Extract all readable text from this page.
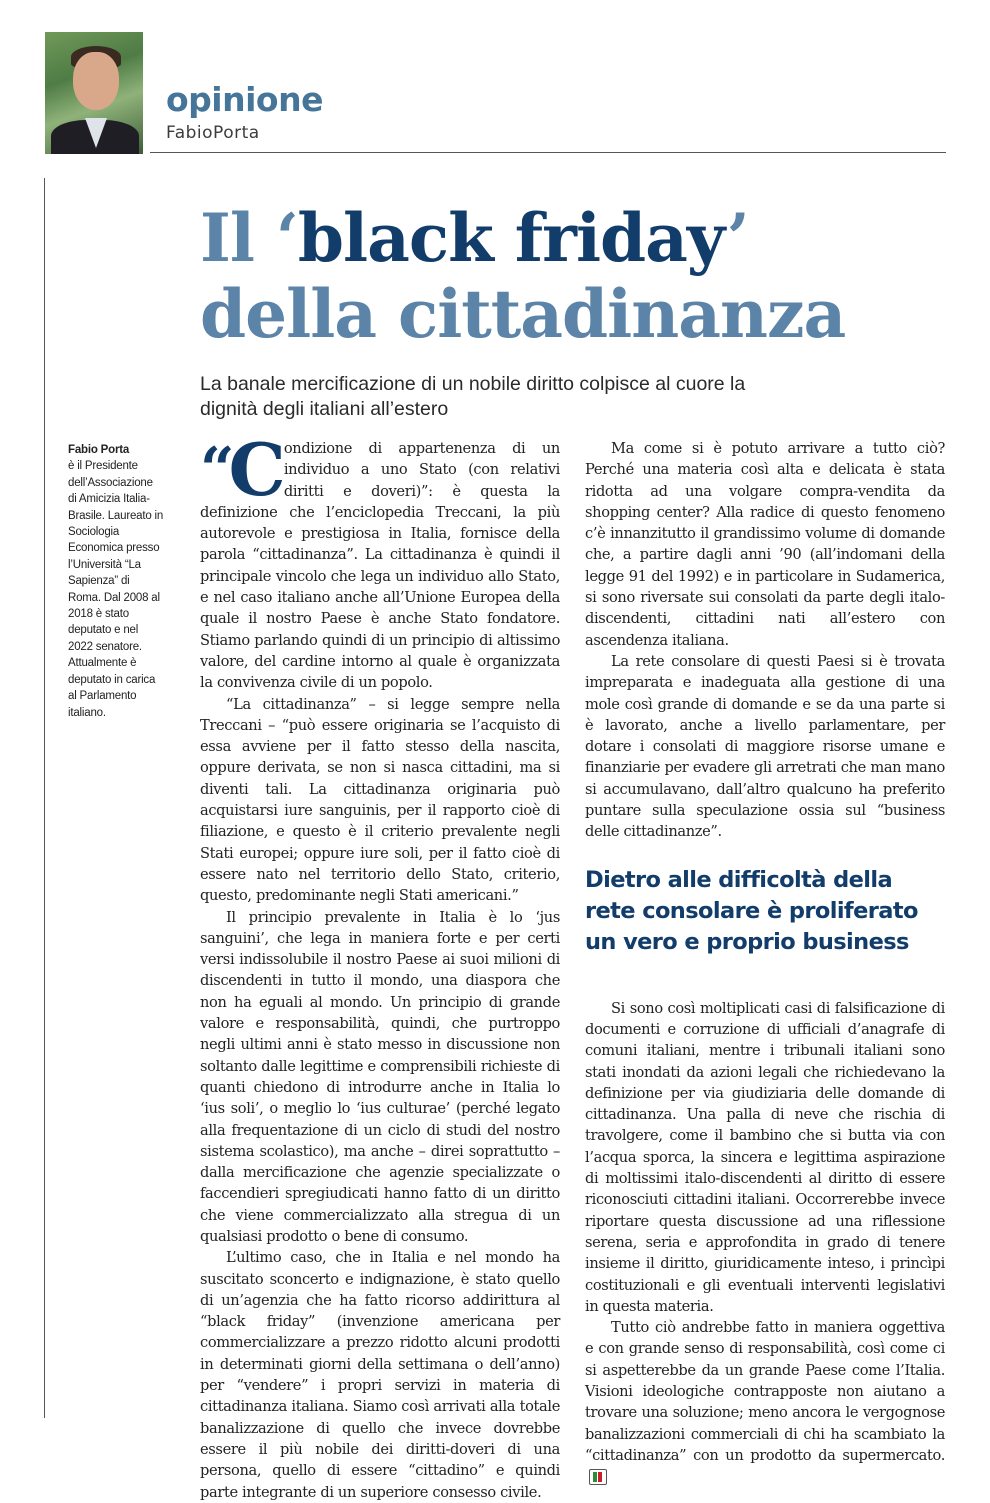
opinione
FabioPorta
Il ‘black friday’
della cittadinanza

La banale mercificazione di un nobile diritto colpisce al cuore la dignità degli italiani all’estero

Fabio Porta
è il Presidente dell’Associazione di Amicizia Italia-Brasile. Laureato in Sociologia Economica presso l’Università “La Sapienza” di Roma. Dal 2008 al 2018 è stato deputato e nel 2022 senatore. Attualmente è deputato in carica al Parlamento italiano.

“C ondizione di appartenenza di un individuo a uno Stato (con relativi diritti e doveri)”: è questa la definizione che l’enciclopedia Treccani, la più autorevole e prestigiosa in Italia, fornisce della parola “cittadinanza”. La cittadinanza è quindi il principale vincolo che lega un individuo allo Stato, e nel caso italiano anche all’Unione Europea della quale il nostro Paese è anche Stato fondatore. Stiamo parlando quindi di un principio di altissimo valore, del cardine intorno al quale è organizzata la convivenza civile di un popolo.

“La cittadinanza” – si legge sempre nella Treccani – “può essere originaria se l’acquisto di essa avviene per il fatto stesso della nascita, oppure derivata, se non si nasca cittadini, ma si diventi tali. La cittadinanza originaria può acquistarsi iure sanguinis, per il rapporto cioè di filiazione, e questo è il criterio prevalente negli Stati europei; oppure iure soli, per il fatto cioè di essere nato nel territorio dello Stato, criterio, questo, predominante negli Stati americani.”

Il principio prevalente in Italia è lo ‘jus sanguini’, che lega in maniera forte e per certi versi indissolubile il nostro Paese ai suoi milioni di discendenti in tutto il mondo, una diaspora che non ha eguali al mondo. Un principio di grande valore e responsabilità, quindi, che purtroppo negli ultimi anni è stato messo in discussione non soltanto dalle legittime e comprensibili richieste di quanti chiedono di introdurre anche in Italia lo ‘ius soli’, o meglio lo ‘ius culturae’ (perché legato alla frequentazione di un ciclo di studi del nostro sistema scolastico), ma anche – direi soprattutto – dalla mercificazione che agenzie specializzate o faccendieri spregiudicati hanno fatto di un diritto che viene commercializzato alla stregua di un qualsiasi prodotto o bene di consumo.

L’ultimo caso, che in Italia e nel mondo ha suscitato sconcerto e indignazione, è stato quello di un’agenzia che ha fatto ricorso addirittura al “black friday” (invenzione americana per commercializzare a prezzo ridotto alcuni prodotti in determinati giorni della settimana o dell’anno) per “vendere” i propri servizi in materia di cittadinanza italiana. Siamo così arrivati alla totale banalizzazione di quello che invece dovrebbe essere il più nobile dei diritti-doveri di una persona, quello di essere “cittadino” e quindi parte integrante di un superiore consesso civile.

Ma come si è potuto arrivare a tutto ciò? Perché una materia così alta e delicata è stata ridotta ad una volgare compra-vendita da shopping center? Alla radice di questo fenomeno c’è innanzitutto il grandissimo volume di domande che, a partire dagli anni ’90 (all’indomani della legge 91 del 1992) e in particolare in Sudamerica, si sono riversate sui consolati da parte degli italo-discendenti, cittadini nati all’estero con ascendenza italiana.

La rete consolare di questi Paesi si è trovata impreparata e inadeguata alla gestione di una mole così grande di domande e se da una parte si è lavorato, anche a livello parlamentare, per dotare i consolati di maggiore risorse umane e finanziarie per evadere gli arretrati che man mano si accumulavano, dall’altro qualcuno ha preferito puntare sulla speculazione ossia sul “business delle cittadinanze”.

Dietro alle difficoltà della rete consolare è proliferato un vero e proprio business

Si sono così moltiplicati casi di falsificazione di documenti e corruzione di ufficiali d’anagrafe di comuni italiani, mentre i tribunali italiani sono stati inondati da azioni legali che richiedevano la definizione per via giudiziaria delle domande di cittadinanza. Una palla di neve che rischia di travolgere, come il bambino che si butta via con l’acqua sporca, la sincera e legittima aspirazione di moltissimi italo-discendenti al diritto di essere riconosciuti cittadini italiani. Occorrerebbe invece riportare questa discussione ad una riflessione serena, seria e approfondita in grado di tenere insieme il diritto, giuridicamente inteso, i princìpi costituzionali e gli eventuali interventi legislativi in questa materia.

Tutto ciò andrebbe fatto in maniera oggettiva e con grande senso di responsabilità, così come ci si aspetterebbe da un grande Paese come l’Italia. Visioni ideologiche contrapposte non aiutano a trovare una soluzione; meno ancora le vergognose banalizzazioni commerciali di chi ha scambiato la “cittadinanza” con un prodotto da supermercato.
